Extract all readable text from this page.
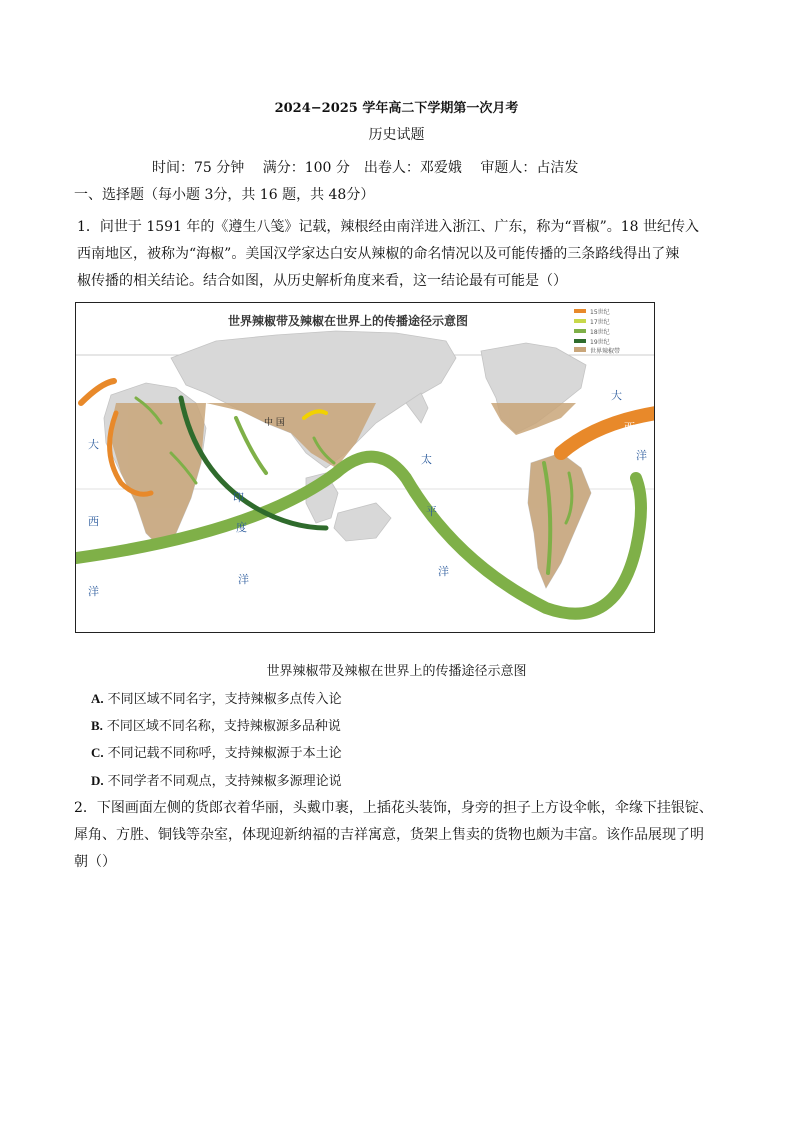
2024−2025 学年高二下学期第一次月考
历史试题
时间：75 分钟　 满分：100 分　出卷人：邓爱娥　 审题人：占洁发
一、选择题（每小题 3分，共 16 题，共 48分）
1．问世于 1591 年的《遵生八笺》记载，辣根经由南洋进入浙江、广东，称为“晋椒”。18 世纪传入
西南地区，被称为“海椒”。美国汉学家达白安从辣椒的命名情况以及可能传播的三条路线得出了辣
椒传播的相关结论。结合如图，从历史解析角度来看，这一结论最有可能是（）
世界辣椒带及辣椒在世界上的传播途径示意图
15世纪
17世纪
18世纪
19世纪
世界辣椒带
中 国
大
西
洋
印
度
洋
太
平
洋
大
西
洋
世界辣椒带及辣椒在世界上的传播途径示意图
A. 不同区域不同名字，支持辣椒多点传入论
B. 不同区域不同名称，支持辣椒源多品种说
C. 不同记载不同称呼，支持辣椒源于本土论
D. 不同学者不同观点，支持辣椒多源理论说
2．下图画面左侧的货郎衣着华丽，头戴巾裹，上插花头装饰，身旁的担子上方设伞帐，伞缘下挂银锭、
犀角、方胜、铜钱等杂室，体现迎新纳福的吉祥寓意，货架上售卖的货物也颇为丰富。该作品展现了明
朝（）
